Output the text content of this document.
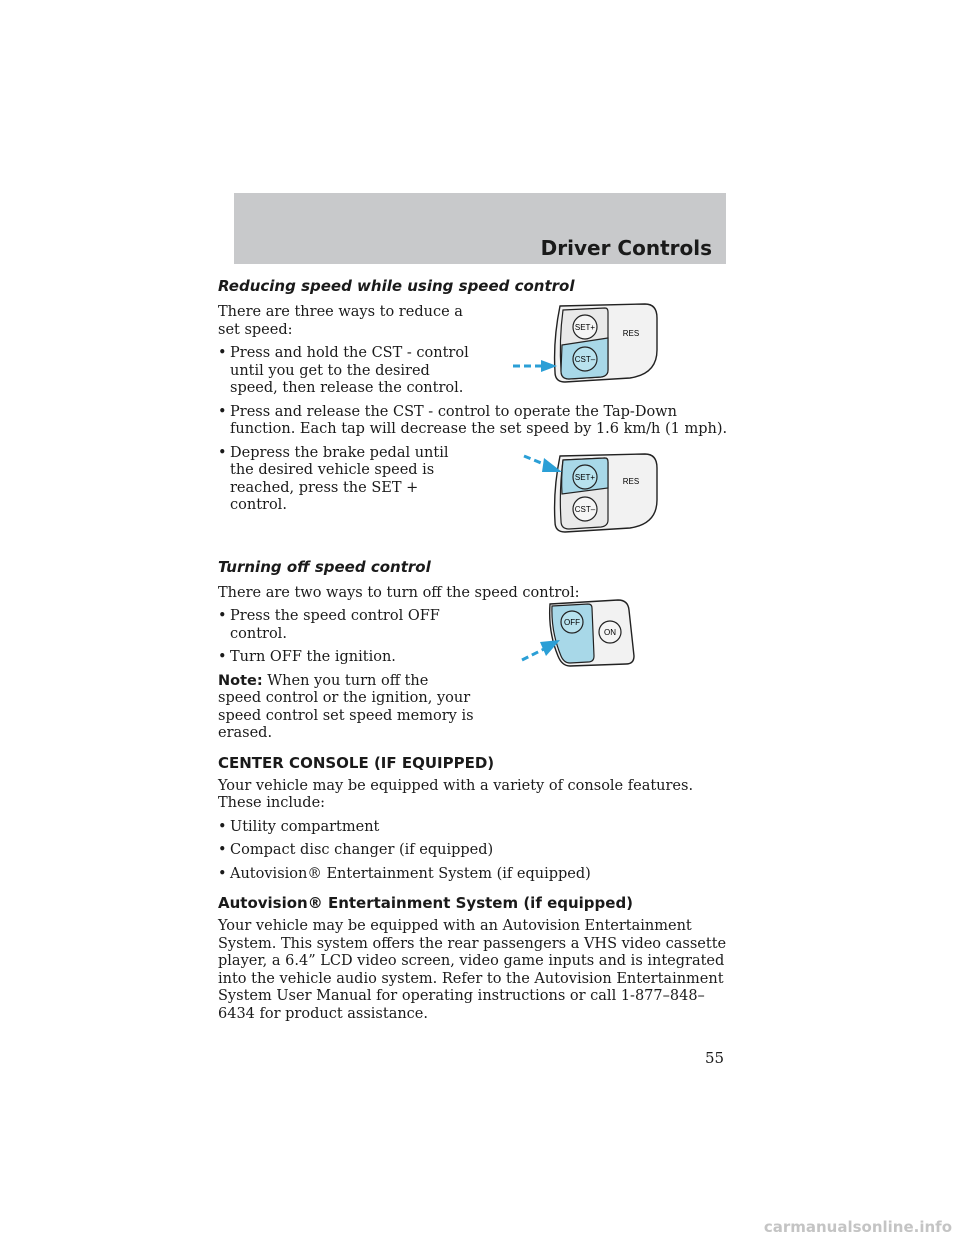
Driver Controls
Reducing speed while using speed control

There are three ways to reduce a set speed:

• Press and hold the CST - control until you get to the desired speed, then release the control.
• Press and release the CST - control to operate the Tap-Down function. Each tap will decrease the set speed by 1.6 km/h (1 mph).
• Depress the brake pedal until the desired vehicle speed is reached, press the SET + control.
Turning off speed control

There are two ways to turn off the speed control:

• Press the speed control OFF control.
• Turn OFF the ignition.

Note: When you turn off the speed control or the ignition, your speed control set speed memory is erased.

CENTER CONSOLE (IF EQUIPPED)

Your vehicle may be equipped with a variety of console features. These include:

• Utility compartment
• Compact disc changer (if equipped)
• Autovision® Entertainment System (if equipped)
Autovision® Entertainment System (if equipped)

Your vehicle may be equipped with an Autovision Entertainment System. This system offers the rear passengers a VHS video cassette player, a 6.4” LCD video screen, video game inputs and is integrated into the vehicle audio system. Refer to the Autovision Entertainment System User Manual for operating instructions or call 1-877–848–6434 for product assistance.

SET+
CST–
RES
SET+
CST–
RES
OFF
ON
55
carmanualsonline.info
